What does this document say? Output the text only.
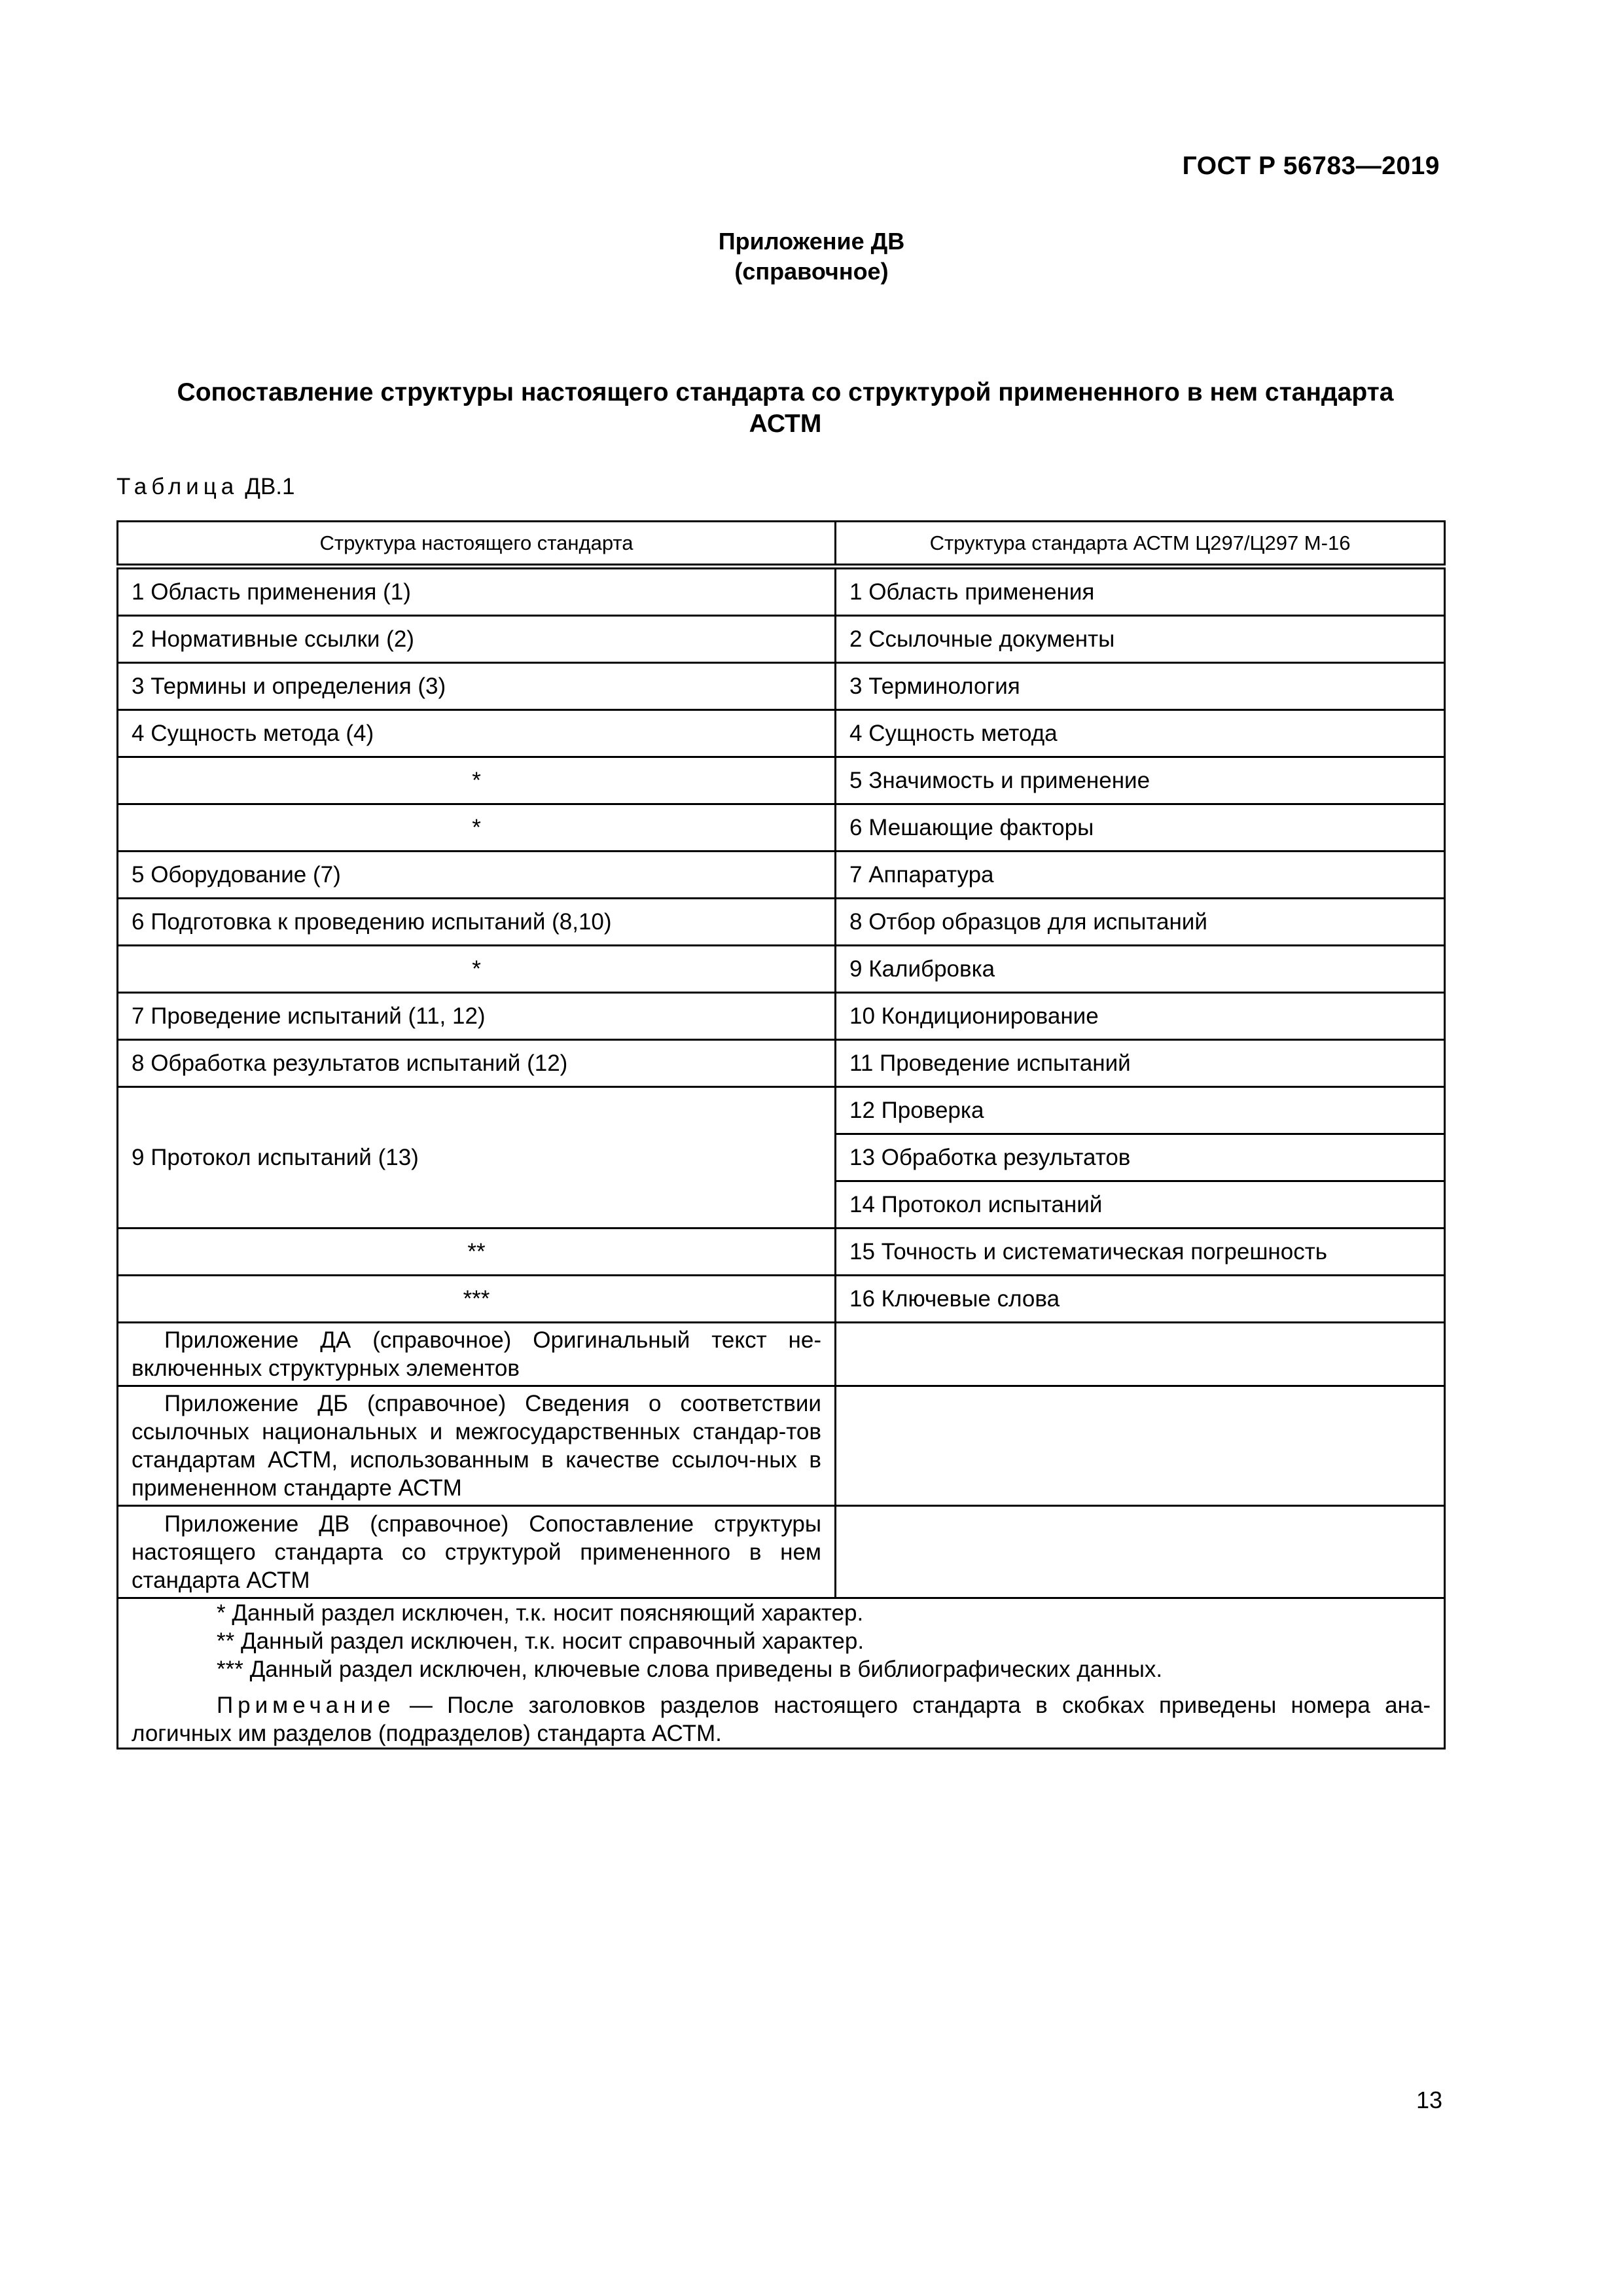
ГОСТ Р 56783—2019
Приложение ДВ
(справочное)
Сопоставление структуры настоящего стандарта со структурой примененного в нем стандарта АСТМ
Таблица ДВ.1
Структура настоящего стандарта	Структура стандарта АСТМ Ц297/Ц297 М-16
1 Область применения (1)	1 Область применения
2 Нормативные ссылки (2)	2 Ссылочные документы
3 Термины и определения (3)	3 Терминология
4 Сущность метода (4)	4 Сущность метода
*	5 Значимость и применение
*	6 Мешающие факторы
5 Оборудование (7)	7 Аппаратура
6 Подготовка к проведению испытаний (8,10)	8 Отбор образцов для испытаний
*	9 Калибровка
7 Проведение испытаний (11, 12)	10 Кондиционирование
8 Обработка результатов испытаний (12)	11 Проведение испытаний
9 Протокол испытаний (13)	12 Проверка
	13 Обработка результатов
	14 Протокол испытаний
**	15 Точность и систематическая погрешность
***	16 Ключевые слова
Приложение ДА (справочное) Оригинальный текст не-включенных структурных элементов	
Приложение ДБ (справочное) Сведения о соответствии ссылочных национальных и межгосударственных стандар-тов стандартам АСТМ, использованным в качестве ссылоч-ных в примененном стандарте АСТМ	
Приложение ДВ (справочное) Сопоставление структуры настоящего стандарта со структурой примененного в нем стандарта АСТМ	

* Данный раздел исключен, т.к. носит поясняющий характер.
** Данный раздел исключен, т.к. носит справочный характер.
*** Данный раздел исключен, ключевые слова приведены в библиографических данных.
Примечание — После заголовков разделов настоящего стандарта в скобках приведены номера ана-логичных им разделов (подразделов) стандарта АСТМ.	
13
